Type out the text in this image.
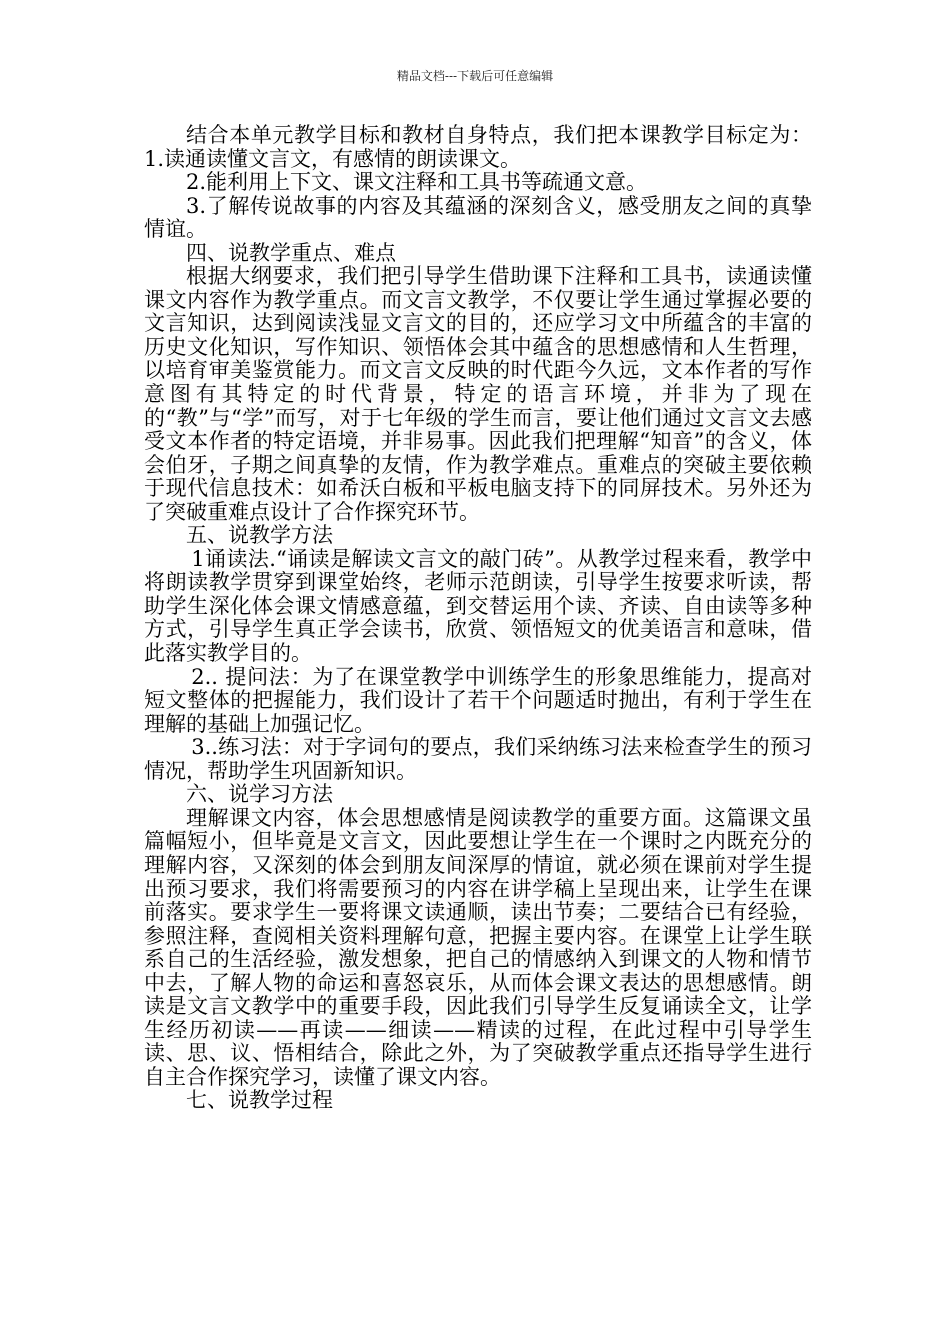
精品文档---下载后可任意编辑

结合本单元教学目标和教材自身特点，我们把本课教学目标定为： 1.读通读懂文言文，有感情的朗读课文。

2.能利用上下文、课文注释和工具书等疏通文意。

3.了解传说故事的内容及其蕴涵的深刻含义，感受朋友之间的真挚情谊。

四、说教学重点、难点

根据大纲要求，我们把引导学生借助课下注释和工具书，读通读懂课文内容作为教学重点。而文言文教学，不仅要让学生通过掌握必要的文言知识，达到阅读浅显文言文的目的，还应学习文中所蕴含的丰富的历史文化知识，写作知识、领悟体会其中蕴含的思想感情和人生哲理，以培育审美鉴赏能力。而文言文反映的时代距今久远，文本作者的写作意图有其特定的时代背景，特定的语言环境，并非为了现在的“教”与“学”而写，对于七年级的学生而言，要让他们通过文言文去感受文本作者的特定语境，并非易事。因此我们把理解“知音”的含义，体会伯牙，子期之间真挚的友情，作为教学难点。重难点的突破主要依赖于现代信息技术：如希沃白板和平板电脑支持下的同屏技术。另外还为了突破重难点设计了合作探究环节。

五、说教学方法

1诵读法.“诵读是解读文言文的敲门砖”。从教学过程来看，教学中将朗读教学贯穿到课堂始终，老师示范朗读，引导学生按要求听读，帮助学生深化体会课文情感意蕴，到交替运用个读、齐读、自由读等多种方式，引导学生真正学会读书，欣赏、领悟短文的优美语言和意味，借此落实教学目的。

2.. 提问法：为了在课堂教学中训练学生的形象思维能力，提高对短文整体的把握能力，我们设计了若干个问题适时抛出，有利于学生在理解的基础上加强记忆。

3..练习法：对于字词句的要点，我们采纳练习法来检查学生的预习情况，帮助学生巩固新知识。

六、说学习方法

理解课文内容，体会思想感情是阅读教学的重要方面。这篇课文虽篇幅短小，但毕竟是文言文，因此要想让学生在一个课时之内既充分的理解内容，又深刻的体会到朋友间深厚的情谊，就必须在课前对学生提出预习要求，我们将需要预习的内容在讲学稿上呈现出来，让学生在课前落实。要求学生一要将课文读通顺，读出节奏；二要结合已有经验，参照注释，查阅相关资料理解句意，把握主要内容。在课堂上让学生联系自己的生活经验，激发想象，把自己的情感纳入到课文的人物和情节中去，了解人物的命运和喜怒哀乐，从而体会课文表达的思想感情。朗读是文言文教学中的重要手段，因此我们引导学生反复诵读全文，让学生经历初读——再读——细读——精读的过程，在此过程中引导学生读、思、议、悟相结合，除此之外，为了突破教学重点还指导学生进行自主合作探究学习，读懂了课文内容。

七、说教学过程
